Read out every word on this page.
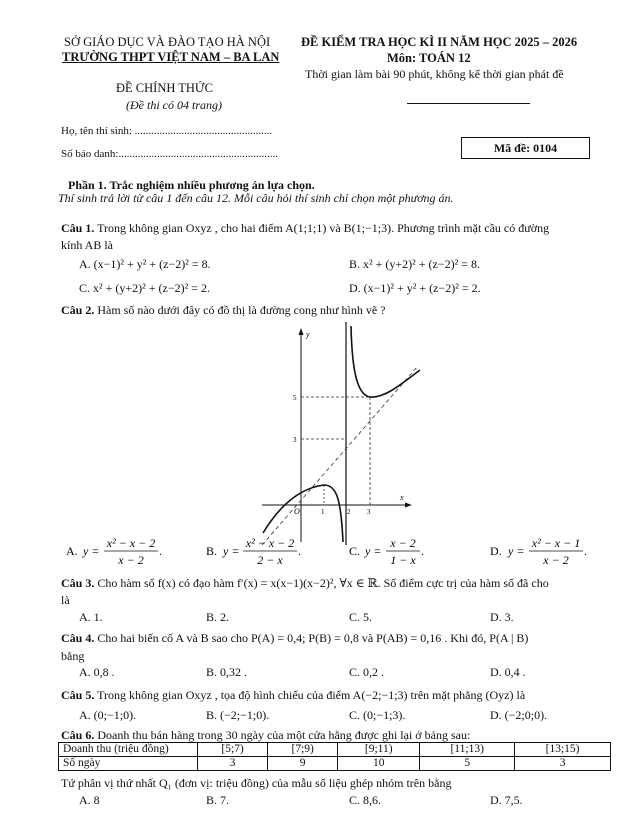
SỞ GIÁO DỤC VÀ ĐÀO TẠO HÀ NỘI
TRƯỜNG THPT VIỆT NAM – BA LAN
ĐỀ CHÍNH THỨC
(Đề thi có 04 trang)
ĐỀ KIỂM TRA HỌC KÌ II NĂM HỌC 2025 – 2026
Môn: TOÁN 12
Thời gian làm bài 90 phút, không kể thời gian phát đề
Họ, tên thí sinh: ..................................................
Số báo danh:..........................................................	Mã đề: 0104
Phần 1. Trắc nghiệm nhiều phương án lựa chọn.
Thí sinh trả lời từ câu 1 đến câu 12. Mỗi câu hỏi thí sinh chỉ chọn một phương án.
Câu 1. Trong không gian Oxyz , cho hai điểm A(1;1;1) và B(1;−1;3). Phương trình mặt cầu có đường
kính AB là
A. (x−1)² + y² + (z−2)² = 8.	B. x² + (y+2)² + (z−2)² = 8.
C. x² + (y+2)² + (z−2)² = 2.	D. (x−1)² + y² + (z−2)² = 2.
Câu 2. Hàm số nào dưới đây có đồ thị là đường cong như hình vẽ ?
y
x
O	1	2 3
3
5
A. y =
x² − x − 2
x − 2
.	B. y =
x² − x − 2
2 − x
.	C. y =
x − 2
1 − x
.	D. y =
x² − x − 1
x − 2
.
Câu 3. Cho hàm số f(x) có đạo hàm f′(x) = x(x−1)(x−2)², ∀x ∈ ℝ. Số điểm cực trị của hàm số đã cho
là
A. 1.	B. 2.	C. 5.	D. 3.
Câu 4. Cho hai biến cố A và B sao cho P(A) = 0,4; P(B) = 0,8 và P(AB) = 0,16 . Khi đó, P(A | B)
bằng
A. 0,8 .	B. 0,32 .	C. 0,2 .	D. 0,4 .
Câu 5. Trong không gian Oxyz , tọa độ hình chiếu của điểm A(−2;−1;3) trên mặt phẳng (Oyz) là
A. (0;−1;0).	B. (−2;−1;0).	C. (0;−1;3).	D. (−2;0;0).
Câu 6. Doanh thu bán hàng trong 30 ngày của một cửa hằng được ghi lại ở bảng sau:
Doanh thu (triệu đồng)	[5;7)	[7;9)	[9;11)	[11;13)	[13;15)
Số ngày	3	9	10	5	3
Tứ phân vị thứ nhất Q₁ (đơn vị: triệu đồng) của mẫu số liệu ghép nhóm trên bằng
A. 8	B. 7.	C. 8,6.	D. 7,5.
